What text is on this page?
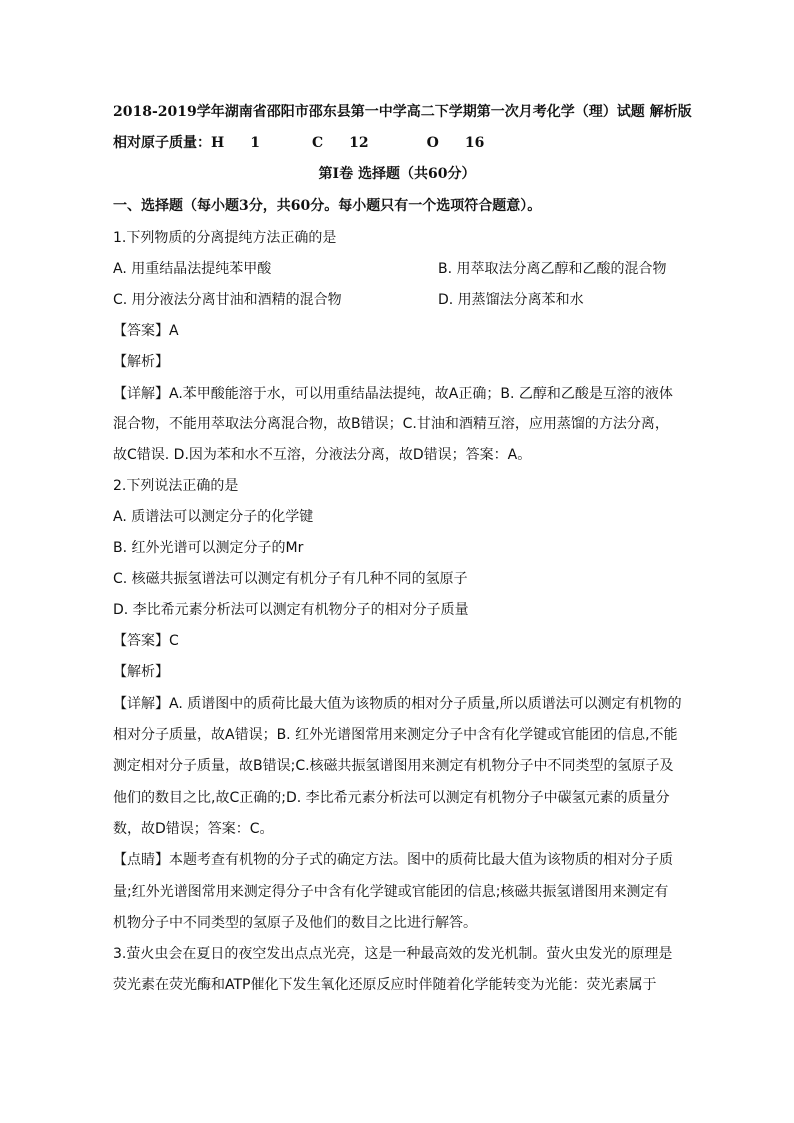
2018-2019学年湖南省邵阳市邵东县第一中学高二下学期第一次月考化学（理）试题 解析版
相对原子质量：H 1	C 12	O 16
第Ⅰ卷 选择题（共60分）
一、选择题（每小题3分，共60分。每小题只有一个选项符合题意）。
1.下列物质的分离提纯方法正确的是
A. 用重结晶法提纯苯甲酸	B. 用萃取法分离乙醇和乙酸的混合物
C. 用分液法分离甘油和酒精的混合物	D. 用蒸馏法分离苯和水
【答案】A
【解析】
【详解】A.苯甲酸能溶于水，可以用重结晶法提纯，故A正确；B. 乙醇和乙酸是互溶的液体
混合物，不能用萃取法分离混合物，故B错误；C.甘油和酒精互溶，应用蒸馏的方法分离，
故C错误. D.因为苯和水不互溶，分液法分离，故D错误；答案：A。
2.下列说法正确的是
A. 质谱法可以测定分子的化学键
B. 红外光谱可以测定分子的Mr
C. 核磁共振氢谱法可以测定有机分子有几种不同的氢原子
D. 李比希元素分析法可以测定有机物分子的相对分子质量
【答案】C
【解析】
【详解】A. 质谱图中的质荷比最大值为该物质的相对分子质量,所以质谱法可以测定有机物的
相对分子质量，故A错误；B. 红外光谱图常用来测定分子中含有化学键或官能团的信息,不能
测定相对分子质量，故B错误;C.核磁共振氢谱图用来测定有机物分子中不同类型的氢原子及
他们的数目之比,故C正确的;D. 李比希元素分析法可以测定有机物分子中碳氢元素的质量分
数，故D错误；答案：C。
【点睛】本题考查有机物的分子式的确定方法。图中的质荷比最大值为该物质的相对分子质
量;红外光谱图常用来测定得分子中含有化学键或官能团的信息;核磁共振氢谱图用来测定有
机物分子中不同类型的氢原子及他们的数目之比进行解答。
3.萤火虫会在夏日的夜空发出点点光亮，这是一种最高效的发光机制。萤火虫发光的原理是
荧光素在荧光酶和ATP催化下发生氧化还原反应时伴随着化学能转变为光能：荧光素属于
